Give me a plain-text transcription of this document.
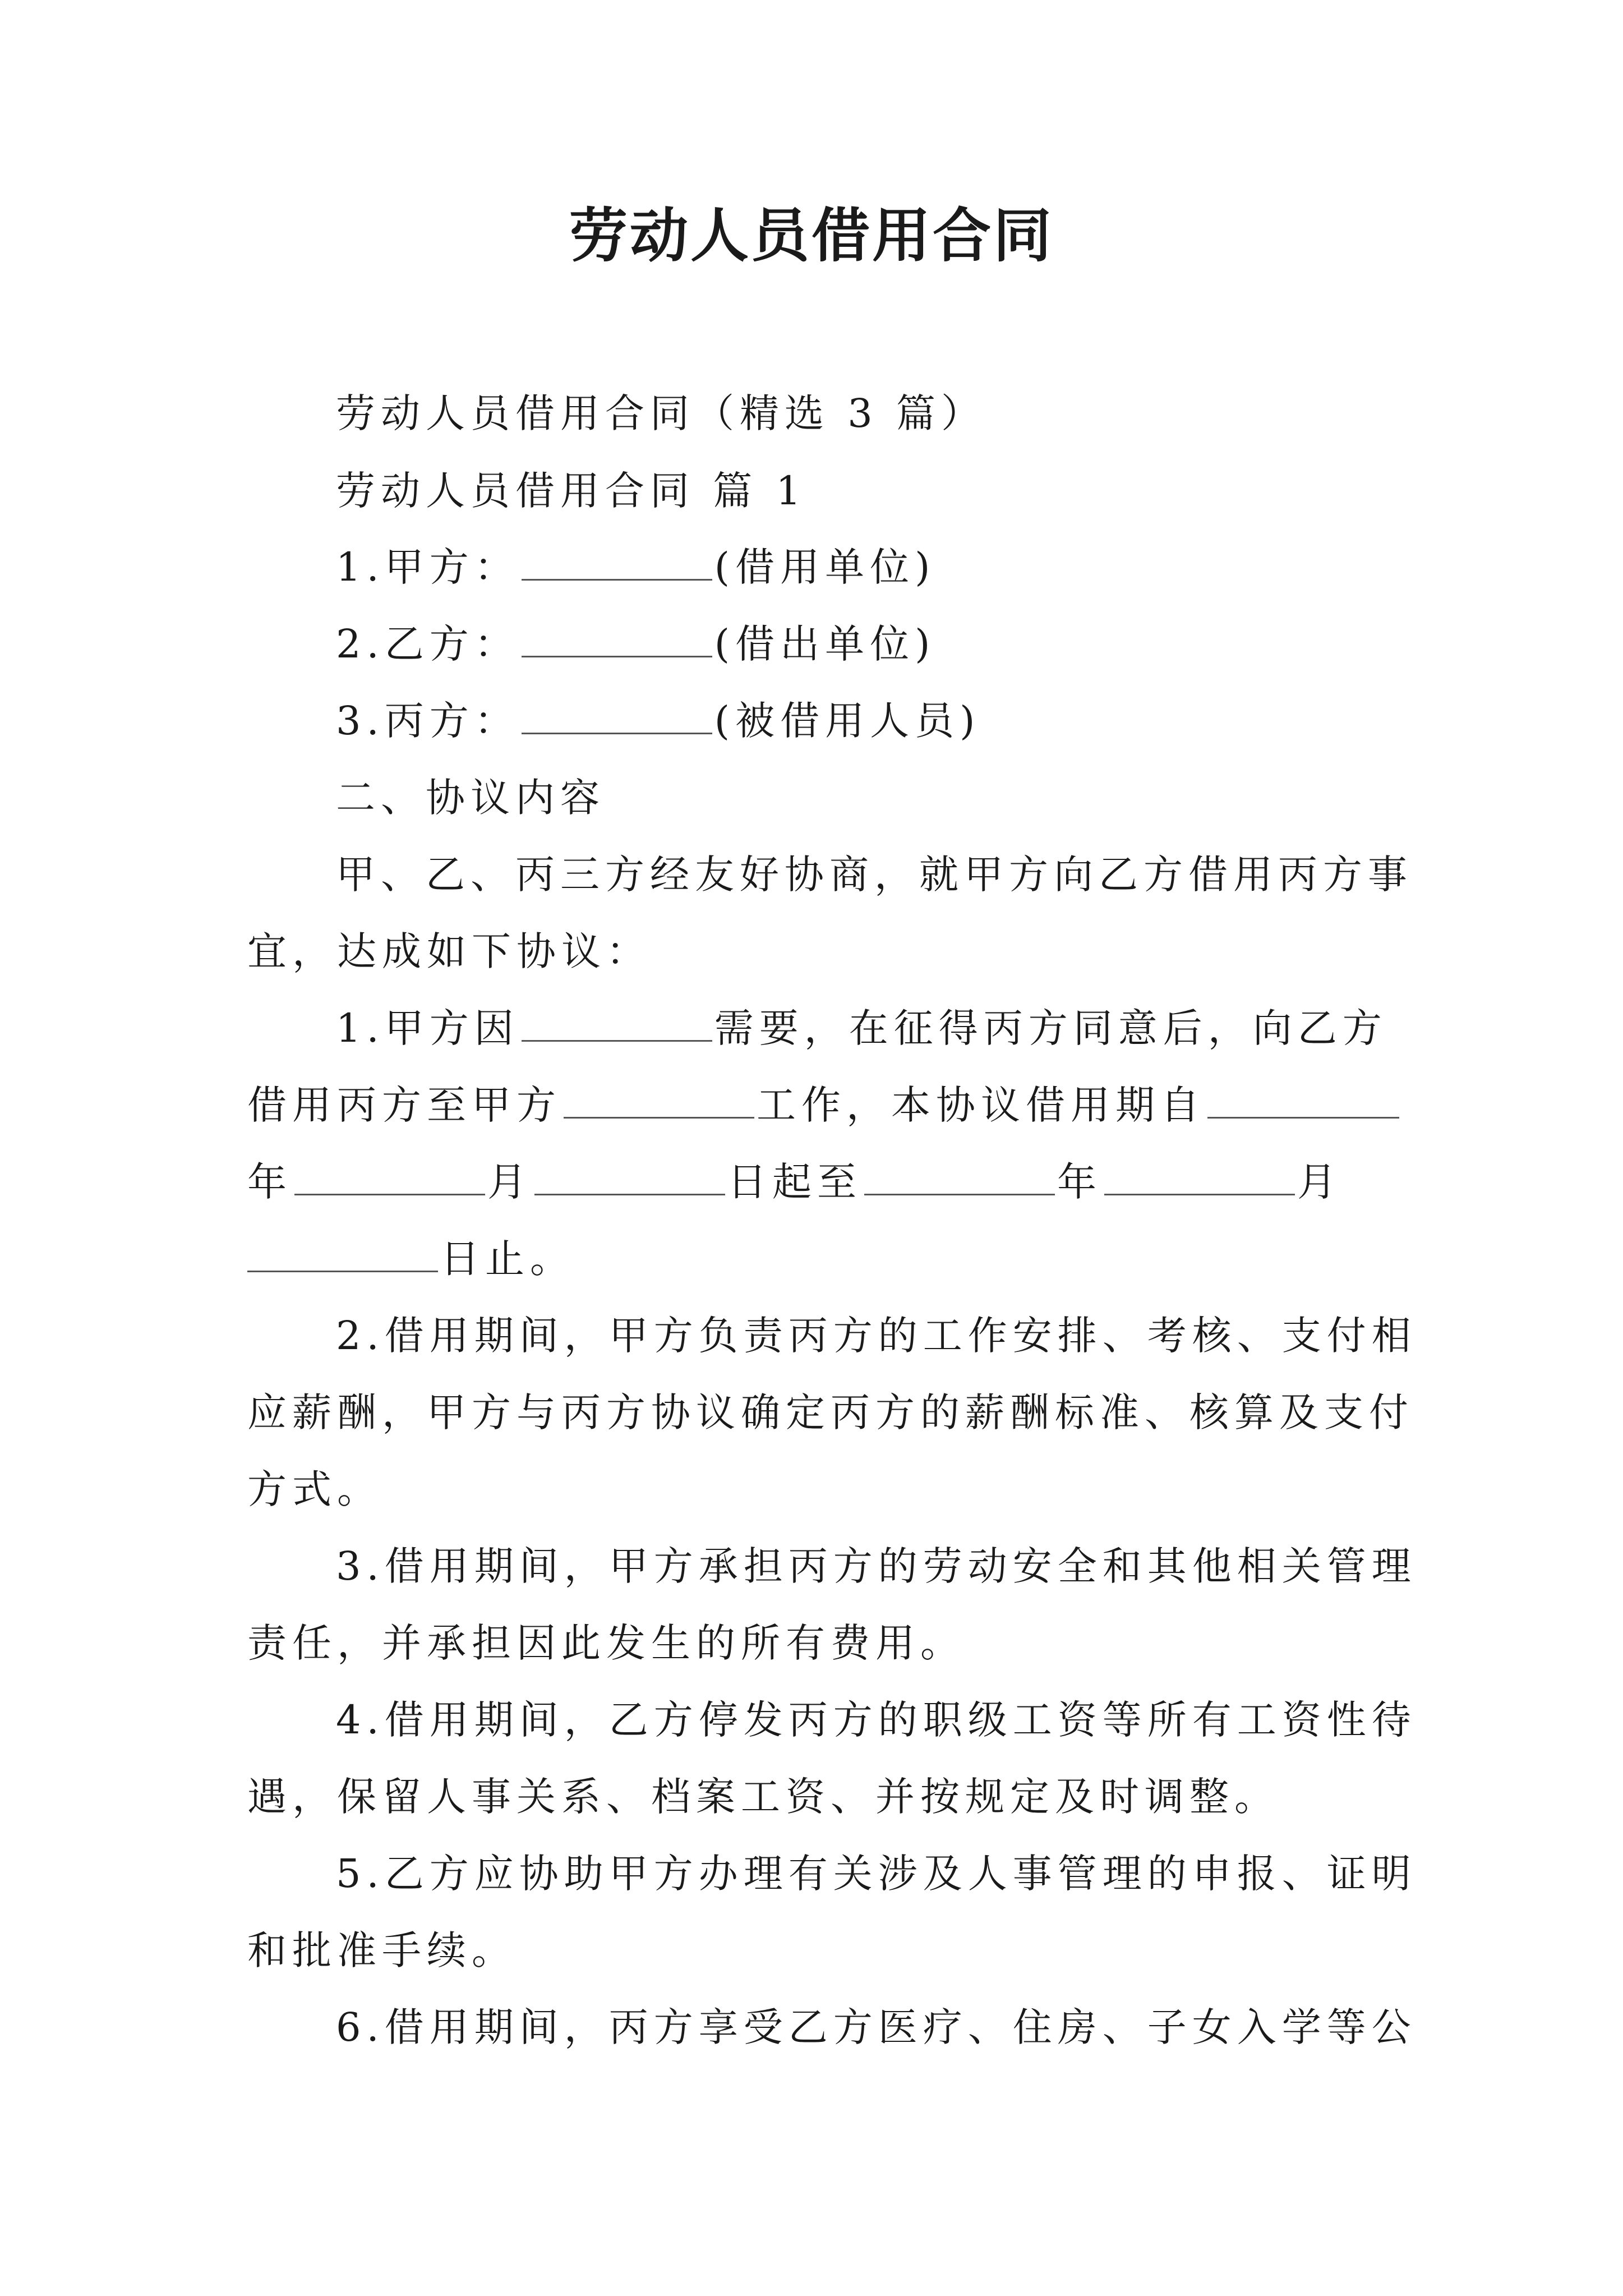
劳动人员借用合同
劳动人员借用合同（精选 3 篇）
劳动人员借用合同 篇 1
1.甲方：	(借用单位)
2.乙方：	(借出单位)
3.丙方：	(被借用人员)
二、协议内容
甲、乙、丙三方经友好协商，就甲方向乙方借用丙方事
宜，达成如下协议：
1.甲方因	需要，在征得丙方同意后，向乙方
借用丙方至甲方	工作，本协议借用期自
年	月	日起至	年	月
日止。
2.借用期间，甲方负责丙方的工作安排、考核、支付相
应薪酬，甲方与丙方协议确定丙方的薪酬标准、核算及支付
方式。
3.借用期间，甲方承担丙方的劳动安全和其他相关管理
责任，并承担因此发生的所有费用。
4.借用期间，乙方停发丙方的职级工资等所有工资性待
遇，保留人事关系、档案工资、并按规定及时调整。
5.乙方应协助甲方办理有关涉及人事管理的申报、证明
和批准手续。
6.借用期间，丙方享受乙方医疗、住房、子女入学等公
